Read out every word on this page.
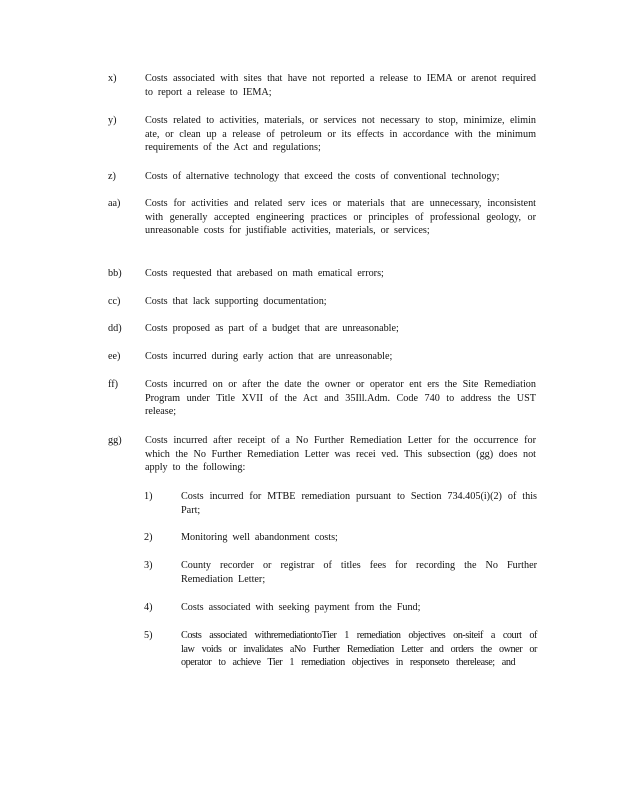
x)	Costs associated with sites that have not reported a release to IEMA or arenot required to report a release to IEMA;
y)	Costs related to activities, materials, or services not necessary to stop, minimize, elimin ate, or clean up a release of petroleum or its effects in accordance with the minimum requirements of the Act and regulations;
z)	Costs of alternative technology that exceed the costs of conventional technology;
aa) Costs for activities and related serv ices or materials that are unnecessary, inconsistent with generally accepted engineering practices or principles of professional geology, or unreasonable costs for justifiable activities, materials, or services;
bb) Costs requested that arebased on math ematical errors;
cc) Costs that lack supporting documentation;
dd) Costs proposed as part of a budget that are unreasonable;
ee) Costs incurred during early action that are unreasonable;
ff)	Costs incurred on or after the date the owner or operator ent ers the Site Remediation Program under Title XVII of the Act and 35Ill.Adm. Code 740 to address the UST release;
gg) Costs incurred after receipt of a No Further Remediation Letter for the occurrence for which the No Further Remediation Letter was recei ved. This subsection (gg) does not apply to the following:
1)	Costs incurred for MTBE remediation pursuant to Section 734.405(i)(2) of this Part;
2)	Monitoring well abandonment costs;
3)	County recorder or registrar of titles fees for recording the No Further Remediation Letter;
4)	Costs associated with seeking payment from the Fund;
5)	Costs associated withremediationtoTier 1 remediation objectives on-siteif a court of law voids or invalidates aNo Further Remediation Letter and orders the owner or operator to achieve Tier 1 remediation objectives in responseto therelease; and
